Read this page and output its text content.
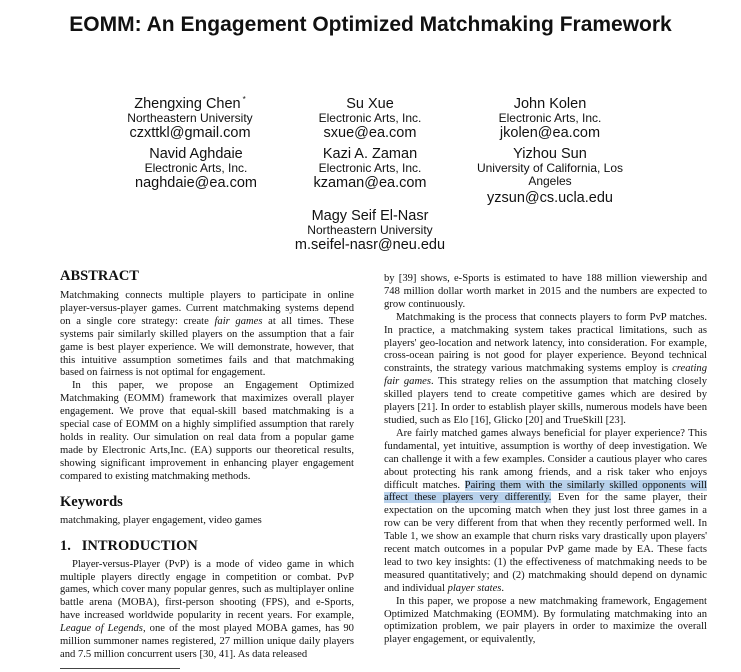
EOMM: An Engagement Optimized Matchmaking Framework
Zhengxing Chen *
Northeastern University
czxttkl@gmail.com
Su Xue
Electronic Arts, Inc.
sxue@ea.com
John Kolen
Electronic Arts, Inc.
jkolen@ea.com
Navid Aghdaie
Electronic Arts, Inc.
naghdaie@ea.com
Kazi A. Zaman
Electronic Arts, Inc.
kzaman@ea.com
Yizhou Sun
University of California, Los Angeles
yzsun@cs.ucla.edu
Magy Seif El-Nasr
Northeastern University
m.seifel-nasr@neu.edu
ABSTRACT

Matchmaking connects multiple players to participate in online player-versus-player games. Current matchmaking systems depend on a single core strategy: create fair games at all times. These systems pair similarly skilled players on the assumption that a fair game is best player experience. We will demonstrate, however, that this intuitive assumption sometimes fails and that matchmaking based on fairness is not optimal for engagement.

In this paper, we propose an Engagement Optimized Matchmaking (EOMM) framework that maximizes overall player engagement. We prove that equal-skill based matchmaking is a special case of EOMM on a highly simplified assumption that rarely holds in reality. Our simulation on real data from a popular game made by Electronic Arts,Inc. (EA) supports our theoretical results, showing significant improvement in enhancing player engagement compared to existing matchmaking methods.

Keywords

matchmaking, player engagement, video games

1.   INTRODUCTION

Player-versus-Player (PvP) is a mode of video game in which multiple players directly engage in competition or combat. PvP games, which cover many popular genres, such as multiplayer online battle arena (MOBA), first-person shooting (FPS), and e-Sports, have increased worldwide popularity in recent years. For example, League of Legends, one of the most played MOBA games, has 90 million summoner names registered, 27 million unique daily players and 7.5 million concurrent users [30, 41]. As data released

by [39] shows, e-Sports is estimated to have 188 million viewership and 748 million dollar worth market in 2015 and the numbers are expected to grow continuously.

Matchmaking is the process that connects players to form PvP matches. In practice, a matchmaking system takes practical limitations, such as players' geo-location and network latency, into consideration. For example, cross-ocean pairing is not good for player experience. Beyond technical constraints, the strategy various matchmaking systems employ is creating fair games. This strategy relies on the assumption that matching closely skilled players tend to create competitive games which are desired by players [21]. In order to establish player skills, numerous models have been studied, such as Elo [16], Glicko [20] and TrueSkill [23].

Are fairly matched games always beneficial for player experience? This fundamental, yet intuitive, assumption is worthy of deep investigation. We can challenge it with a few examples. Consider a cautious player who cares about protecting his rank among friends, and a risk taker who enjoys difficult matches. Pairing them with the similarly skilled opponents will affect these players very differently. Even for the same player, their expectation on the upcoming match when they just lost three games in a row can be very different from that when they recently performed well. In Table 1, we show an example that churn risks vary drastically upon players' recent match outcomes in a popular PvP game made by EA. These facts lead to two key insights: (1) the effectiveness of matchmaking needs to be measured quantitatively; and (2) matchmaking should depend on dynamic and individual player states.

In this paper, we propose a new matchmaking framework, Engagement Optimized Matchmaking (EOMM). By formulating matchmaking into an optimization problem, we pair players in order to maximize the overall player engagement, or equivalently,
